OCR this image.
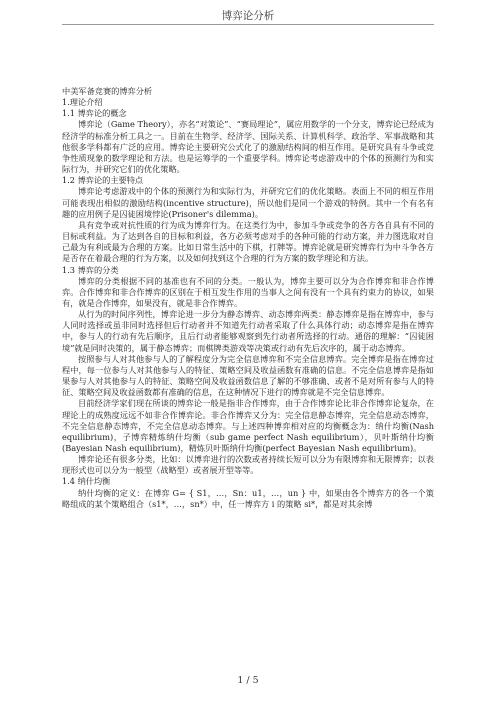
博弈论分析

中美军备竞赛的博弈分析

1.理论介绍

1.1 博弈论的概念

博弈论（Game Theory），亦名“对策论”、“赛局理论”，属应用数学的一个分支，博弈论已经成为经济学的标准分析工具之一。目前在生物学、经济学、国际关系、计算机科学、政治学、军事战略和其他很多学科都有广泛的应用。博弈论主要研究公式化了的激励结构间的相互作用。是研究具有斗争或竞争性质现象的数学理论和方法。也是运筹学的一个重要学科。博弈论考虑游戏中的个体的预测行为和实际行为，并研究它们的优化策略。

1.2 博弈论的主要特点

博弈论考虑游戏中的个体的预测行为和实际行为，并研究它们的优化策略。表面上不同的相互作用可能表现出相似的激励结构(incentive structure)，所以他们是同一个游戏的特例。其中一个有名有趣的应用例子是囚徒困境悖论(Prisoner's dilemma)。

具有竞争或对抗性质的行为成为博弈行为。在这类行为中，参加斗争或竞争的各方各自具有不同的目标或利益。为了达到各自的目标和利益，各方必须考虑对手的各种可能的行动方案，并力图选取对自己最为有利或最为合理的方案。比如日常生活中的下棋，打牌等。博弈论就是研究博弈行为中斗争各方是否存在着最合理的行为方案，以及如何找到这个合理的行为方案的数学理论和方法。

1.3 博弈的分类

博弈的分类根据不同的基准也有不同的分类。一般认为，博弈主要可以分为合作博弈和非合作博弈。合作博弈和非合作博弈的区别在于相互发生作用的当事人之间有没有一个具有约束力的协议，如果有，就是合作博弈，如果没有，就是非合作博弈。

从行为的时间序列性，博弈论进一步分为静态博弈、动态博弈两类：静态博弈是指在博弈中，参与人同时选择或虽非同时选择但后行动者并不知道先行动者采取了什么具体行动；动态博弈是指在博弈中，参与人的行动有先后顺序，且后行动者能够观察到先行动者所选择的行动。通俗的理解：“囚徒困境”就是同时决策的，属于静态博弈；而棋牌类游戏等决策或行动有先后次序的，属于动态博弈。

按照参与人对其他参与人的了解程度分为完全信息博弈和不完全信息博弈。完全博弈是指在博弈过程中，每一位参与人对其他参与人的特征、策略空间及收益函数有准确的信息。不完全信息博弈是指如果参与人对其他参与人的特征、策略空间及收益函数信息了解的不够准确、或者不是对所有参与人的特征、策略空间及收益函数都有准确的信息，在这种情况下进行的博弈就是不完全信息博弈。

目前经济学家们现在所谈的博弈论一般是指非合作博弈，由于合作博弈论比非合作博弈论复杂，在理论上的成熟度远远不如非合作博弈论。非合作博弈又分为：完全信息静态博弈，完全信息动态博弈，不完全信息静态博弈，不完全信息动态博弈。与上述四种博弈相对应的均衡概念为：纳什均衡(Nash equilibrium)，子博弈精炼纳什均衡（sub game perfect Nash equilibrium），贝叶斯纳什均衡(Bayesian Nash equilibrium)，精炼贝叶斯纳什均衡(perfect Bayesian Nash equilibrium)。

博弈论还有很多分类，比如：以博弈进行的次数或者持续长短可以分为有限博弈和无限博弈；以表现形式也可以分为一般型（战略型）或者展开型等等。

1.4 纳什均衡

纳什均衡的定义：在博弈 G= { S1，…，Sn：u1，…，un } 中，如果由各个博弈方的各一个策略组成的某个策略组合（s1*，…，sn*）中，任一博弈方 i 的策略 si*，都是对其余博

1 / 5
